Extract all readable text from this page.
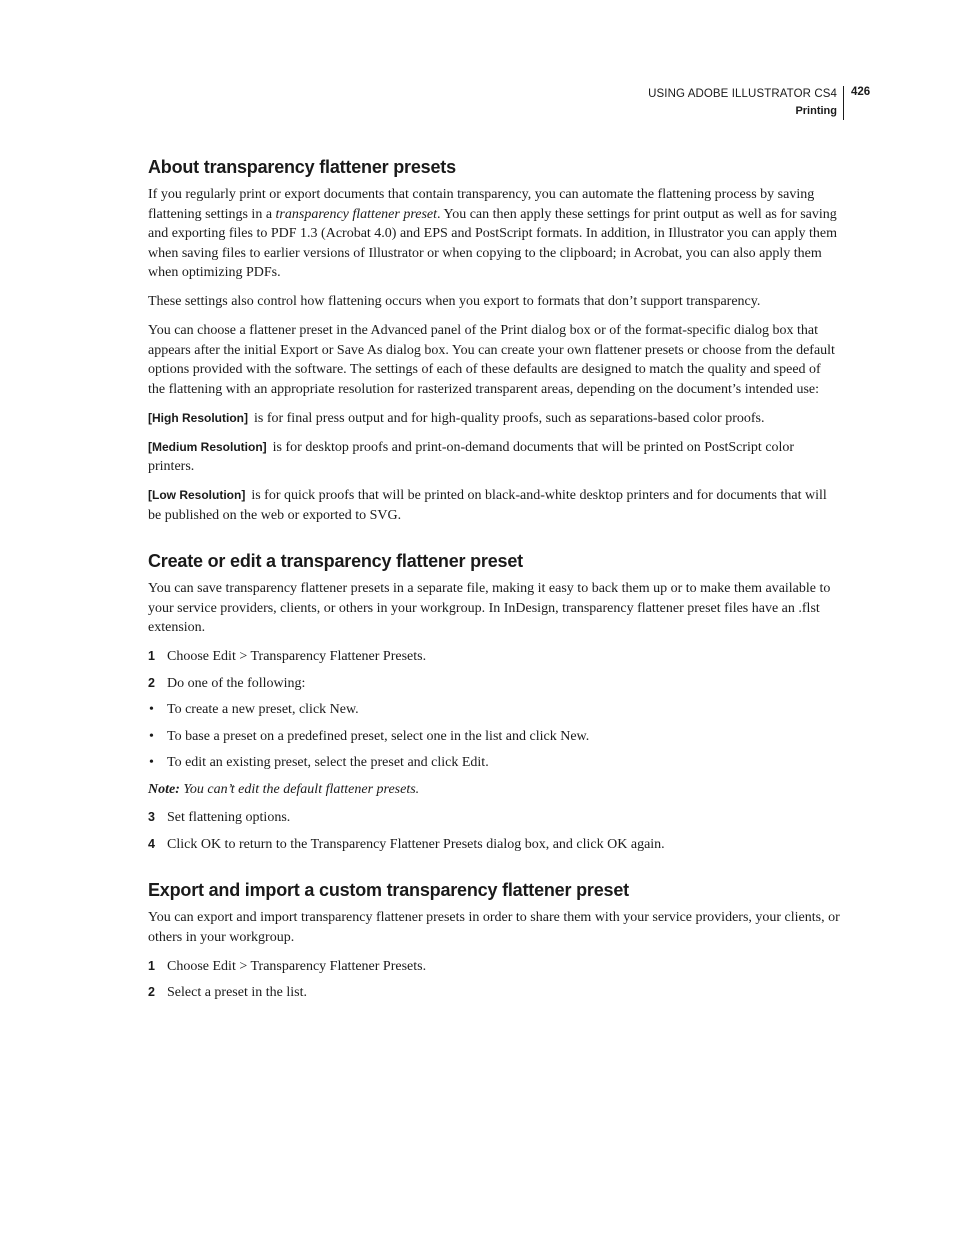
USING ADOBE ILLUSTRATOR CS4
Printing
426
About transparency flattener presets

If you regularly print or export documents that contain transparency, you can automate the flattening process by saving flattening settings in a transparency flattener preset. You can then apply these settings for print output as well as for saving and exporting files to PDF 1.3 (Acrobat 4.0) and EPS and PostScript formats. In addition, in Illustrator you can apply them when saving files to earlier versions of Illustrator or when copying to the clipboard; in Acrobat, you can also apply them when optimizing PDFs.

These settings also control how flattening occurs when you export to formats that don’t support transparency.

You can choose a flattener preset in the Advanced panel of the Print dialog box or of the format-specific dialog box that appears after the initial Export or Save As dialog box. You can create your own flattener presets or choose from the default options provided with the software. The settings of each of these defaults are designed to match the quality and speed of the flattening with an appropriate resolution for rasterized transparent areas, depending on the document’s intended use:

[High Resolution] is for final press output and for high-quality proofs, such as separations-based color proofs.

[Medium Resolution] is for desktop proofs and print-on-demand documents that will be printed on PostScript color printers.

[Low Resolution] is for quick proofs that will be printed on black-and-white desktop printers and for documents that will be published on the web or exported to SVG.

Create or edit a transparency flattener preset

You can save transparency flattener presets in a separate file, making it easy to back them up or to make them available to your service providers, clients, or others in your workgroup. In InDesign, transparency flattener preset files have an .flst extension.

1 Choose Edit > Transparency Flattener Presets.
2 Do one of the following:
• To create a new preset, click New.
• To base a preset on a predefined preset, select one in the list and click New.
• To edit an existing preset, select the preset and click Edit.

Note: You can’t edit the default flattener presets.

3 Set flattening options.
4 Click OK to return to the Transparency Flattener Presets dialog box, and click OK again.
Export and import a custom transparency flattener preset

You can export and import transparency flattener presets in order to share them with your service providers, your clients, or others in your workgroup.

1 Choose Edit > Transparency Flattener Presets.
2 Select a preset in the list.
